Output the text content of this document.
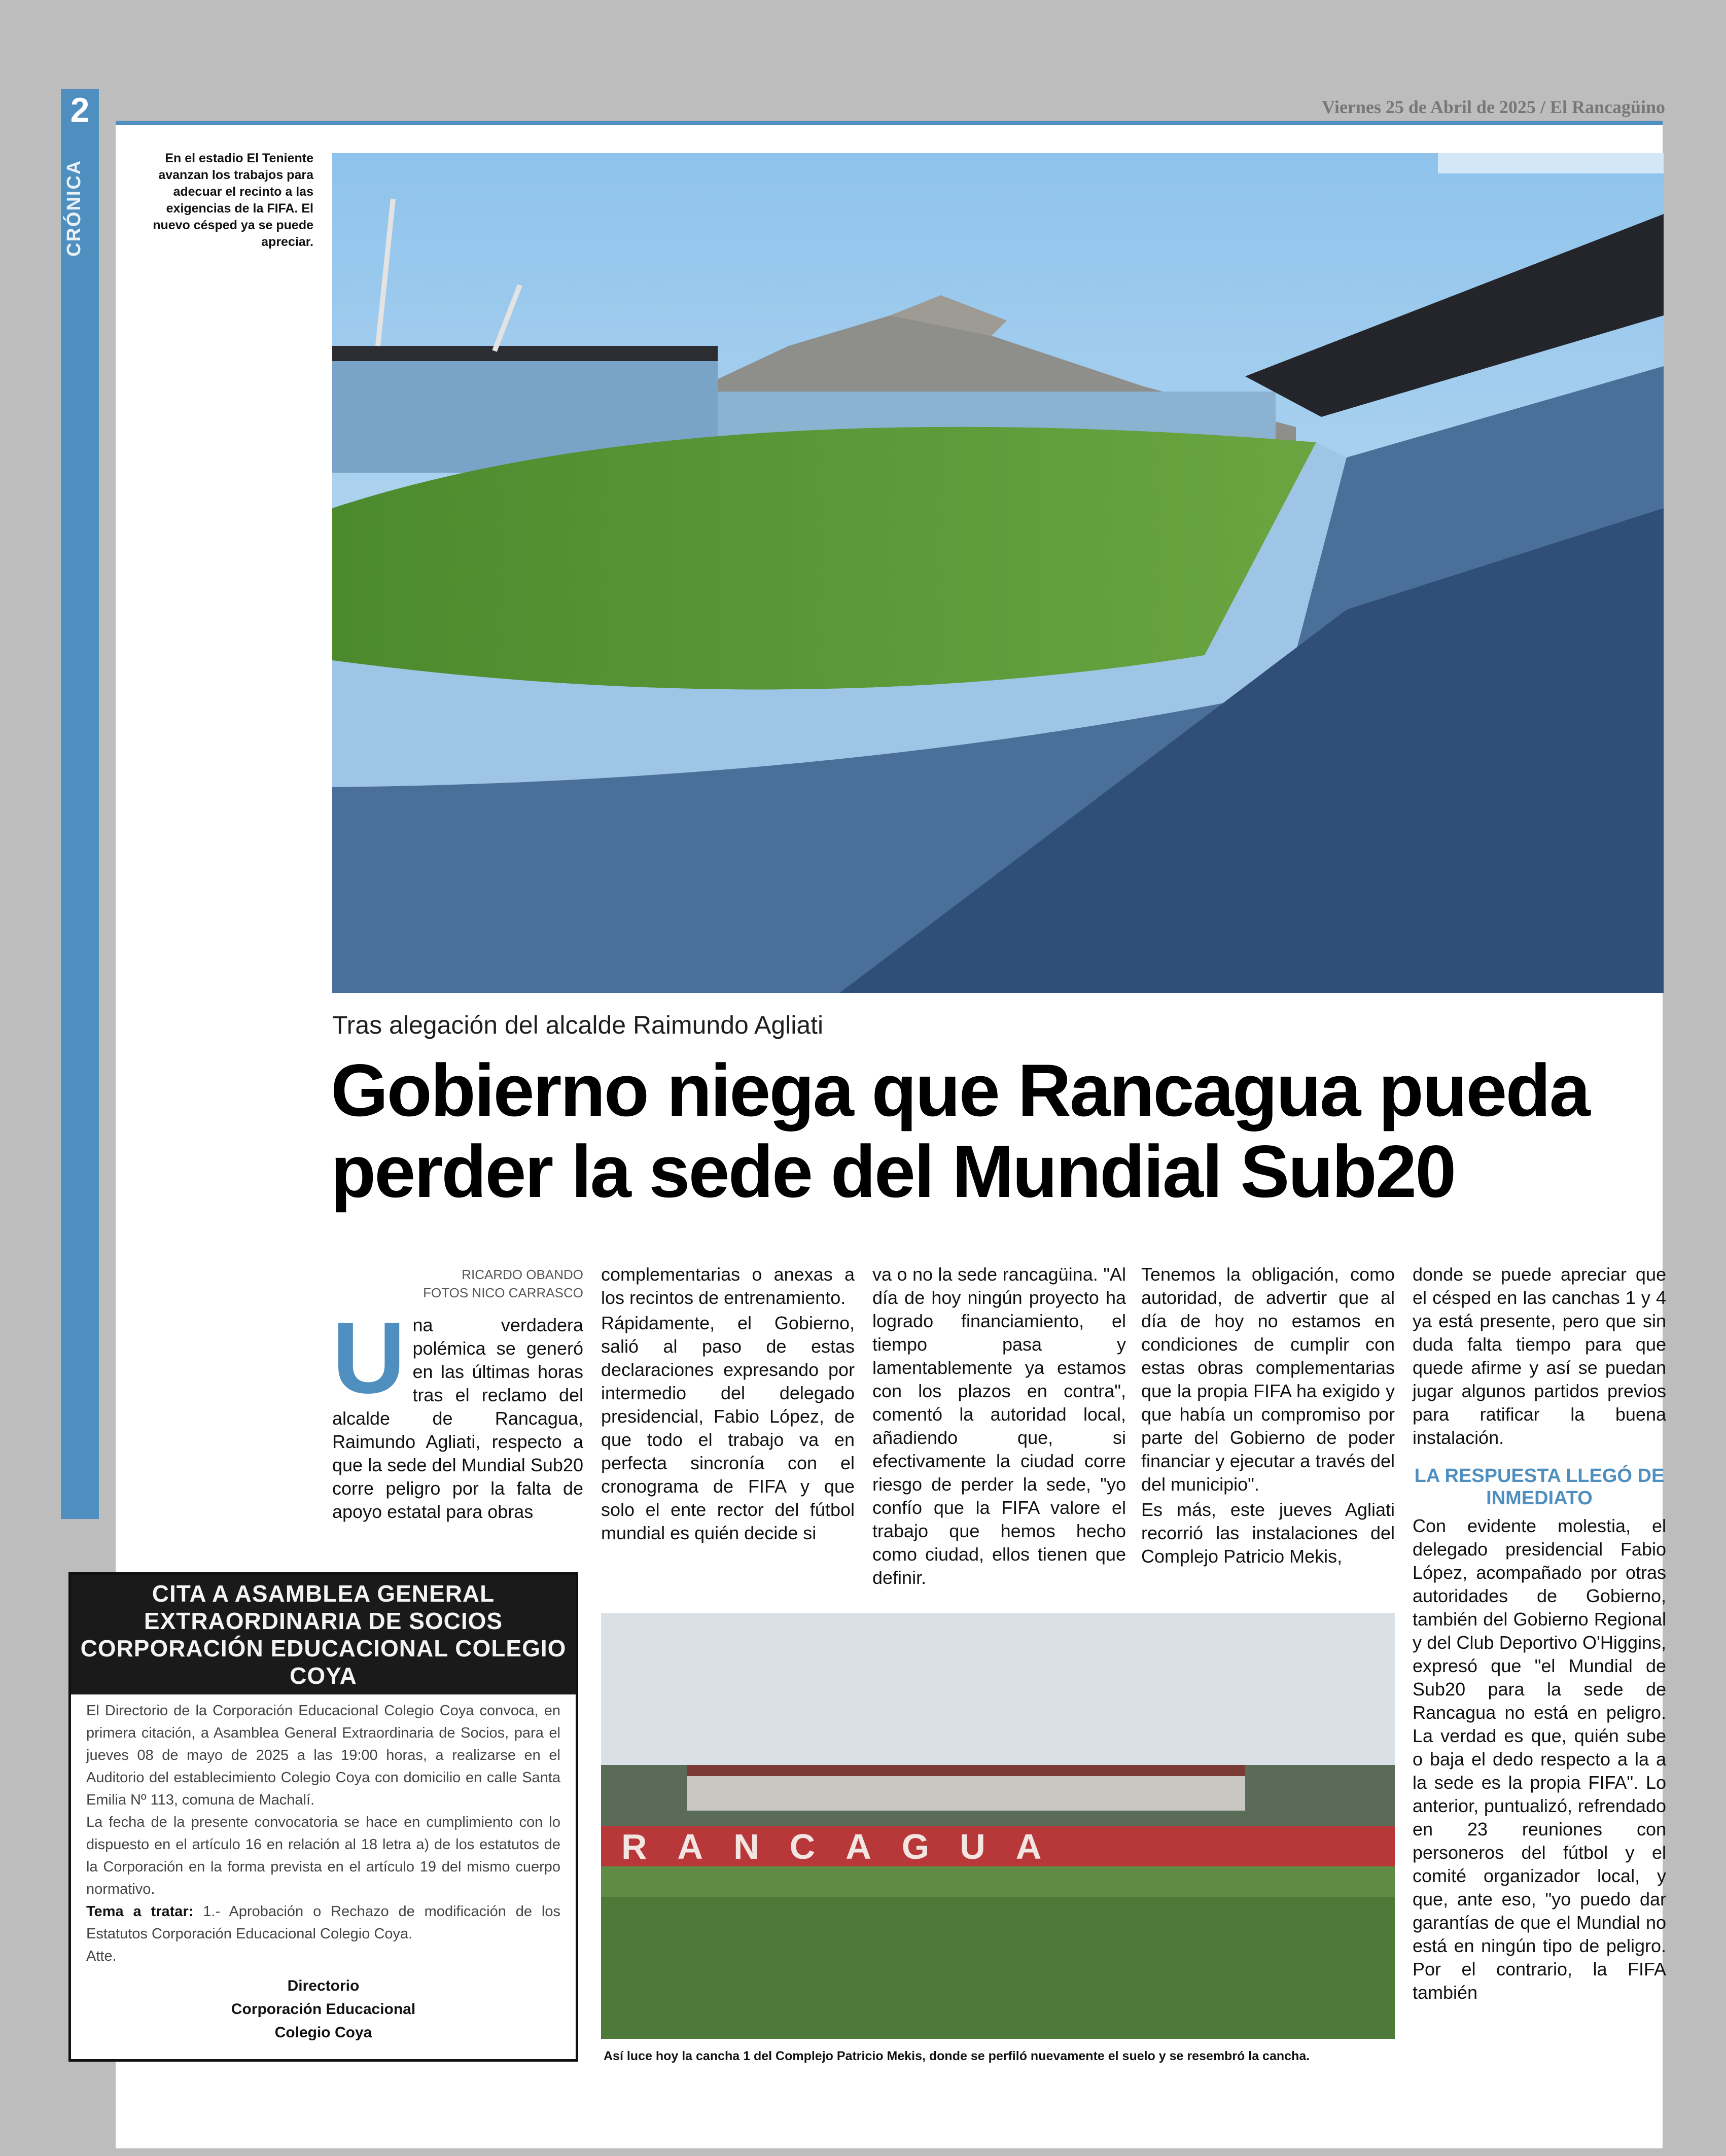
2
CRÓNICA
Viernes 25 de Abril de 2025 / El Rancagüino
En el estadio El Teniente avanzan los trabajos para adecuar el recinto a las exigencias de la FIFA. El nuevo césped ya se puede apreciar.
Tras alegación del alcalde Raimundo Agliati
Gobierno niega que Rancagua pueda perder la sede del Mundial Sub20
RICARDO OBANDO
FOTOS NICO CARRASCO
U na verdadera polémica se generó en las últimas horas tras el reclamo del alcalde de Rancagua, Raimundo Agliati, respecto a que la sede del Mundial Sub20 corre peligro por la falta de apoyo estatal para obras

complementarias o anexas a los recintos de entrenamiento.

Rápidamente, el Gobierno, salió al paso de estas declaraciones expresando por intermedio del delegado presidencial, Fabio López, de que todo el trabajo va en perfecta sincronía con el cronograma de FIFA y que solo el ente rector del fútbol mundial es quién decide si

va o no la sede rancagüina. "Al día de hoy ningún proyecto ha logrado financiamiento, el tiempo pasa y lamentablemente ya estamos con los plazos en contra", comentó la autoridad local, añadiendo que, si efectivamente la ciudad corre riesgo de perder la sede, "yo confío que la FIFA valore el trabajo que hemos hecho como ciudad, ellos tienen que definir.

Tenemos la obligación, como autoridad, de advertir que al día de hoy no estamos en condiciones de cumplir con estas obras complementarias que la propia FIFA ha exigido y que había un compromiso por parte del Gobierno de poder financiar y ejecutar a través del del municipio".

Es más, este jueves Agliati recorrió las instalaciones del Complejo Patricio Mekis,

donde se puede apreciar que el césped en las canchas 1 y 4 ya está presente, pero que sin duda falta tiempo para que quede afirme y así se puedan jugar algunos partidos previos para ratificar la buena instalación.

LA RESPUESTA LLEGÓ DE INMEDIATO

Con evidente molestia, el delegado presidencial Fabio López, acompañado por otras autoridades de Gobierno, también del Gobierno Regional y del Club Deportivo O'Higgins, expresó que "el Mundial de Sub20 para la sede de Rancagua no está en peligro. La verdad es que, quién sube o baja el dedo respecto a la a la sede es la propia FIFA". Lo anterior, puntualizó, refrendado en 23 reuniones con personeros del fútbol y el comité organizador local, y que, ante eso, "yo puedo dar garantías de que el Mundial no está en ningún tipo de peligro. Por el contrario, la FIFA también

RANCAGUA
Así luce hoy la cancha 1 del Complejo Patricio Mekis, donde se perfiló nuevamente el suelo y se resembró la cancha.
CITA A ASAMBLEA GENERAL EXTRAORDINARIA DE SOCIOS CORPORACIÓN EDUCACIONAL COLEGIO COYA

El Directorio de la Corporación Educacional Colegio Coya convoca, en primera citación, a Asamblea General Extraordinaria de Socios, para el jueves 08 de mayo de 2025 a las 19:00 horas, a realizarse en el Auditorio del establecimiento Colegio Coya con domicilio en calle Santa Emilia Nº 113, comuna de Machalí.

La fecha de la presente convocatoria se hace en cumplimiento con lo dispuesto en el artículo 16 en relación al 18 letra a) de los estatutos de la Corporación en la forma prevista en el artículo 19 del mismo cuerpo normativo.

Tema a tratar: 1.- Aprobación o Rechazo de modificación de los Estatutos Corporación Educacional Colegio Coya.

Atte.

Directorio
Corporación Educacional
Colegio Coya
